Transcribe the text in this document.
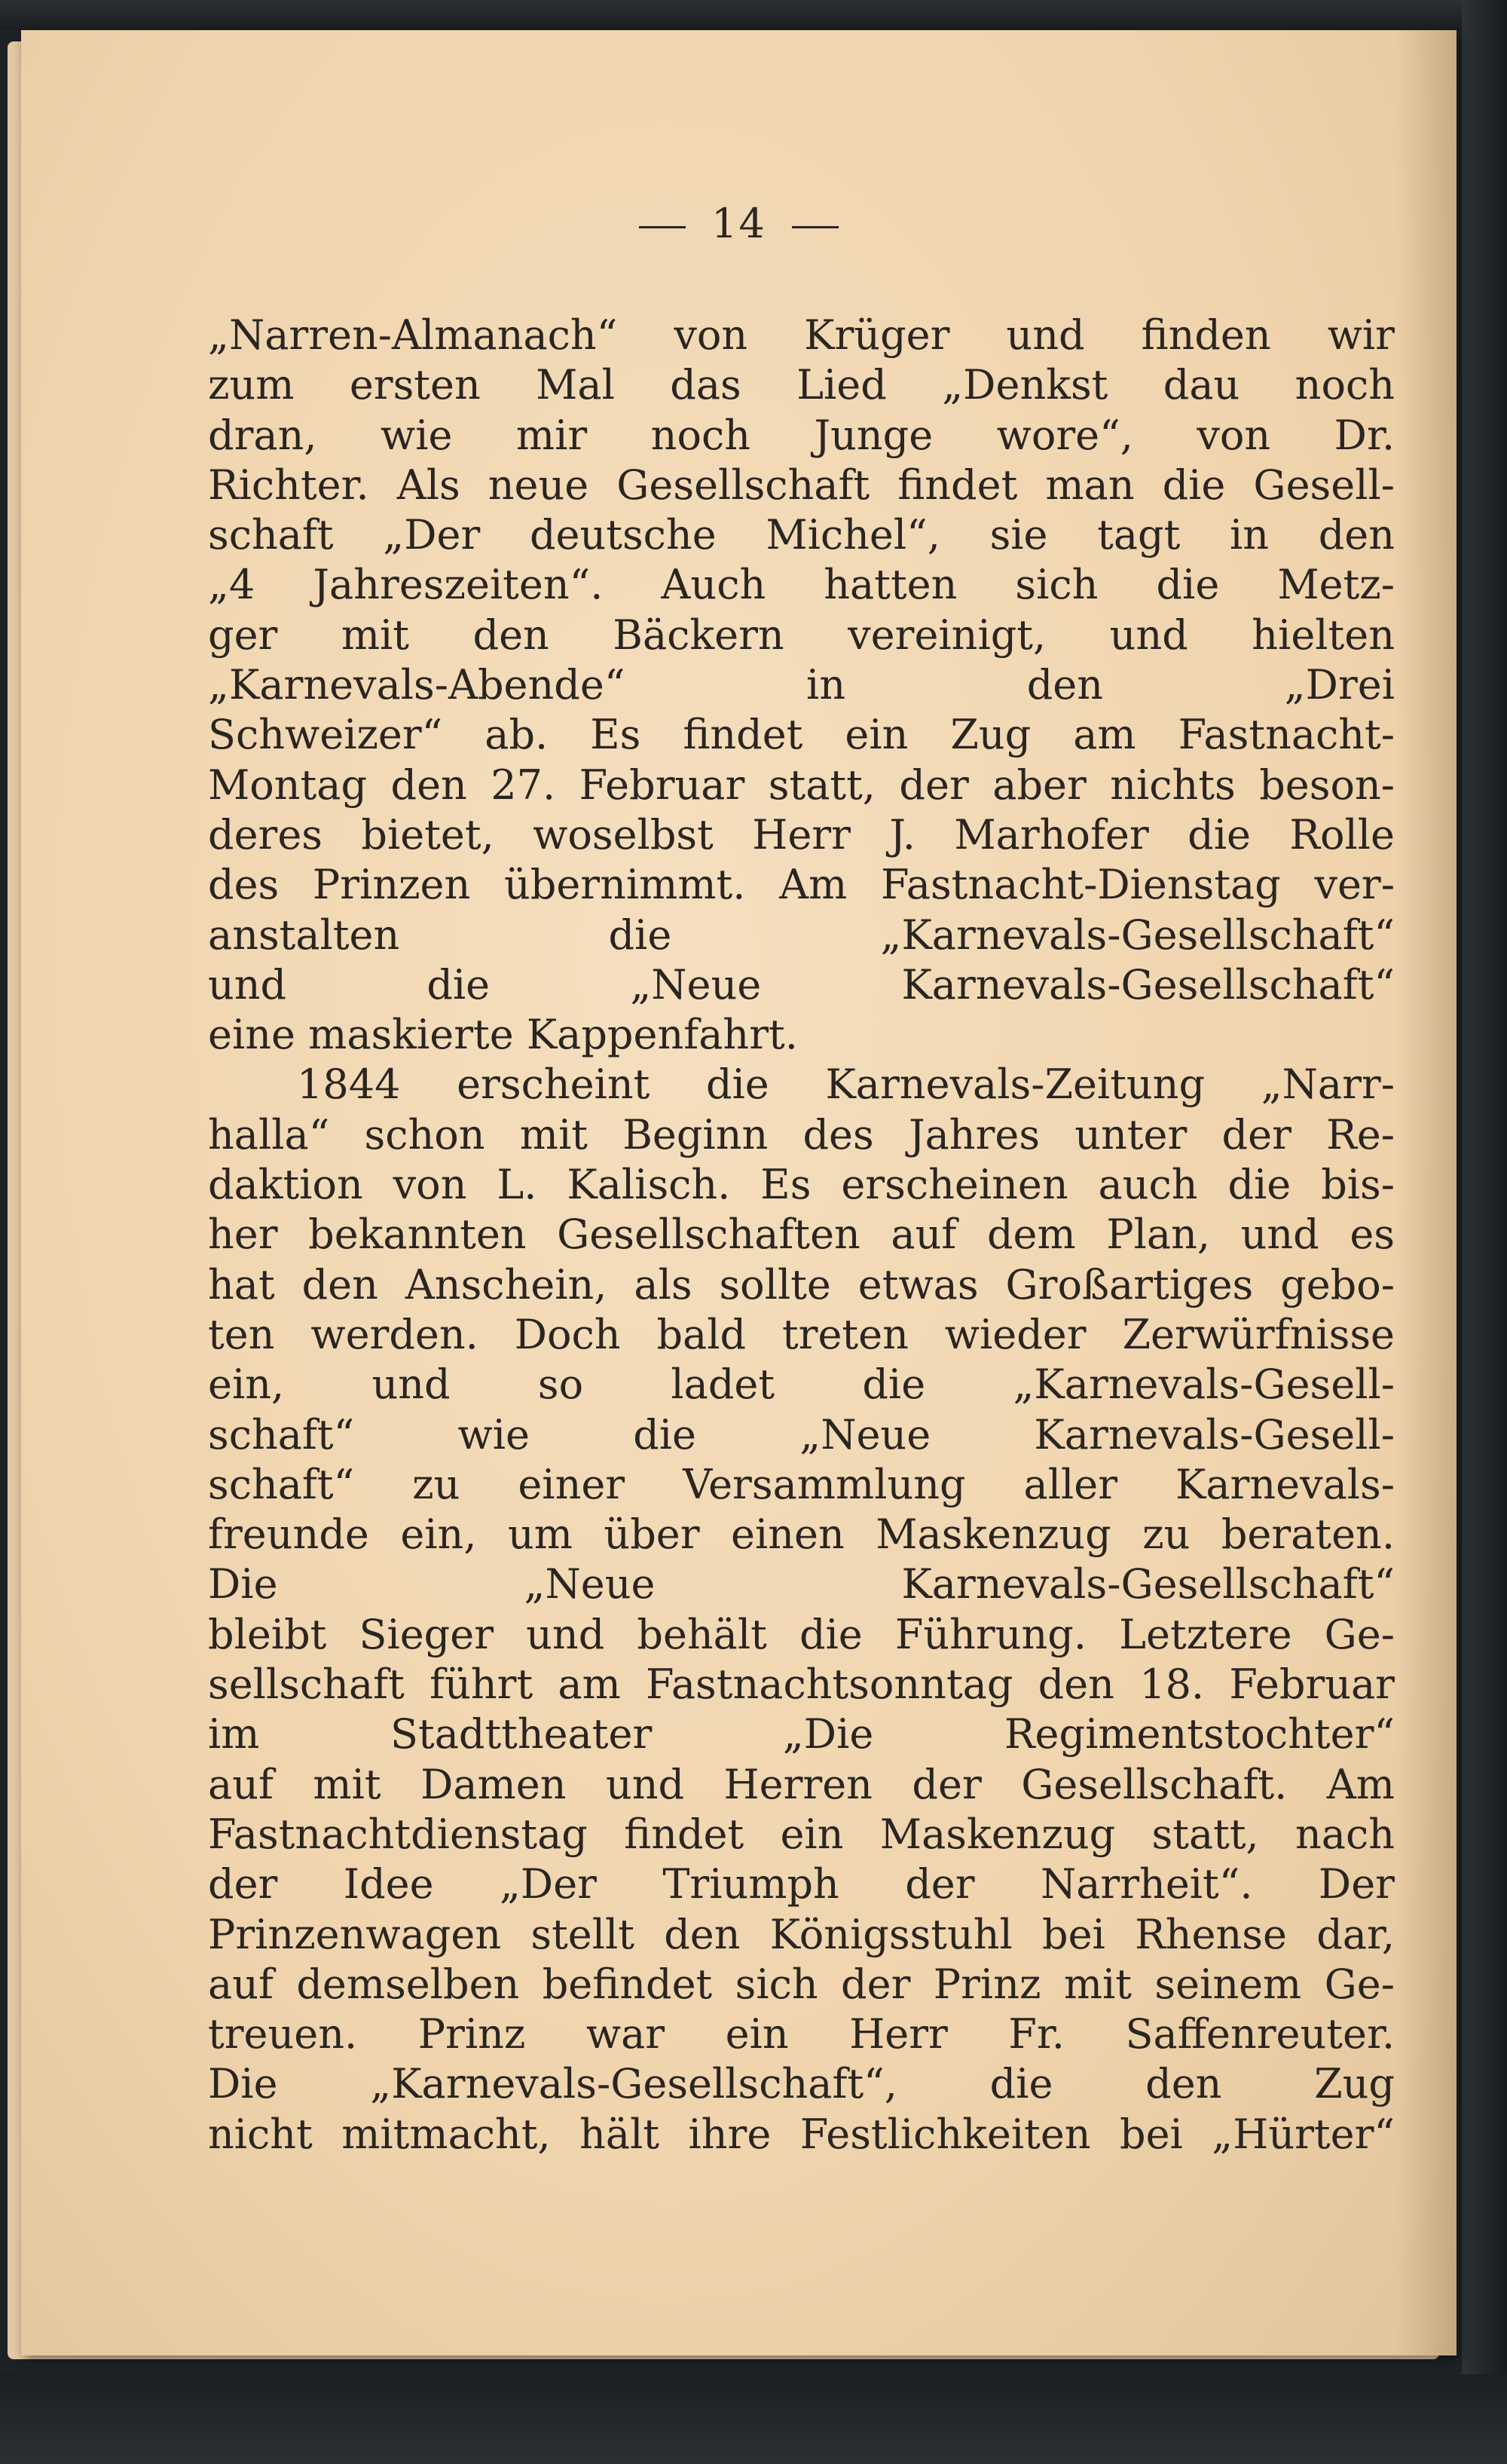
14
„Narren-Almanach“ von Krüger und finden wir
zum ersten Mal das Lied „Denkst dau noch
dran, wie mir noch Junge wore“, von Dr.
Richter. Als neue Gesellschaft findet man die Gesell-
schaft „Der deutsche Michel“, sie tagt in den
„4 Jahreszeiten“. Auch hatten sich die Metz-
ger mit den Bäckern vereinigt, und hielten
„Karnevals-Abende“ in den „Drei
Schweizer“ ab. Es findet ein Zug am Fastnacht-
Montag den 27. Februar statt, der aber nichts beson-
deres bietet, woselbst Herr J. Marhofer die Rolle
des Prinzen übernimmt. Am Fastnacht-Dienstag ver-
anstalten die „Karnevals-Gesellschaft“
und die „Neue Karnevals-Gesellschaft“
eine maskierte Kappenfahrt.
1844 erscheint die Karnevals-Zeitung „Narr-
halla“ schon mit Beginn des Jahres unter der Re-
daktion von L. Kalisch. Es erscheinen auch die bis-
her bekannten Gesellschaften auf dem Plan, und es
hat den Anschein, als sollte etwas Großartiges gebo-
ten werden. Doch bald treten wieder Zerwürfnisse
ein, und so ladet die „Karnevals-Gesell-
schaft“ wie die „Neue Karnevals-Gesell-
schaft“ zu einer Versammlung aller Karnevals-
freunde ein, um über einen Maskenzug zu beraten.
Die „Neue Karnevals-Gesellschaft“
bleibt Sieger und behält die Führung. Letztere Ge-
sellschaft führt am Fastnachtsonntag den 18. Februar
im Stadttheater „Die Regimentstochter“
auf mit Damen und Herren der Gesellschaft. Am
Fastnachtdienstag findet ein Maskenzug statt, nach
der Idee „Der Triumph der Narrheit“. Der
Prinzenwagen stellt den Königsstuhl bei Rhense dar,
auf demselben befindet sich der Prinz mit seinem Ge-
treuen. Prinz war ein Herr Fr. Saffenreuter.
Die „Karnevals-Gesellschaft“, die den Zug
nicht mitmacht, hält ihre Festlichkeiten bei „Hürter“
